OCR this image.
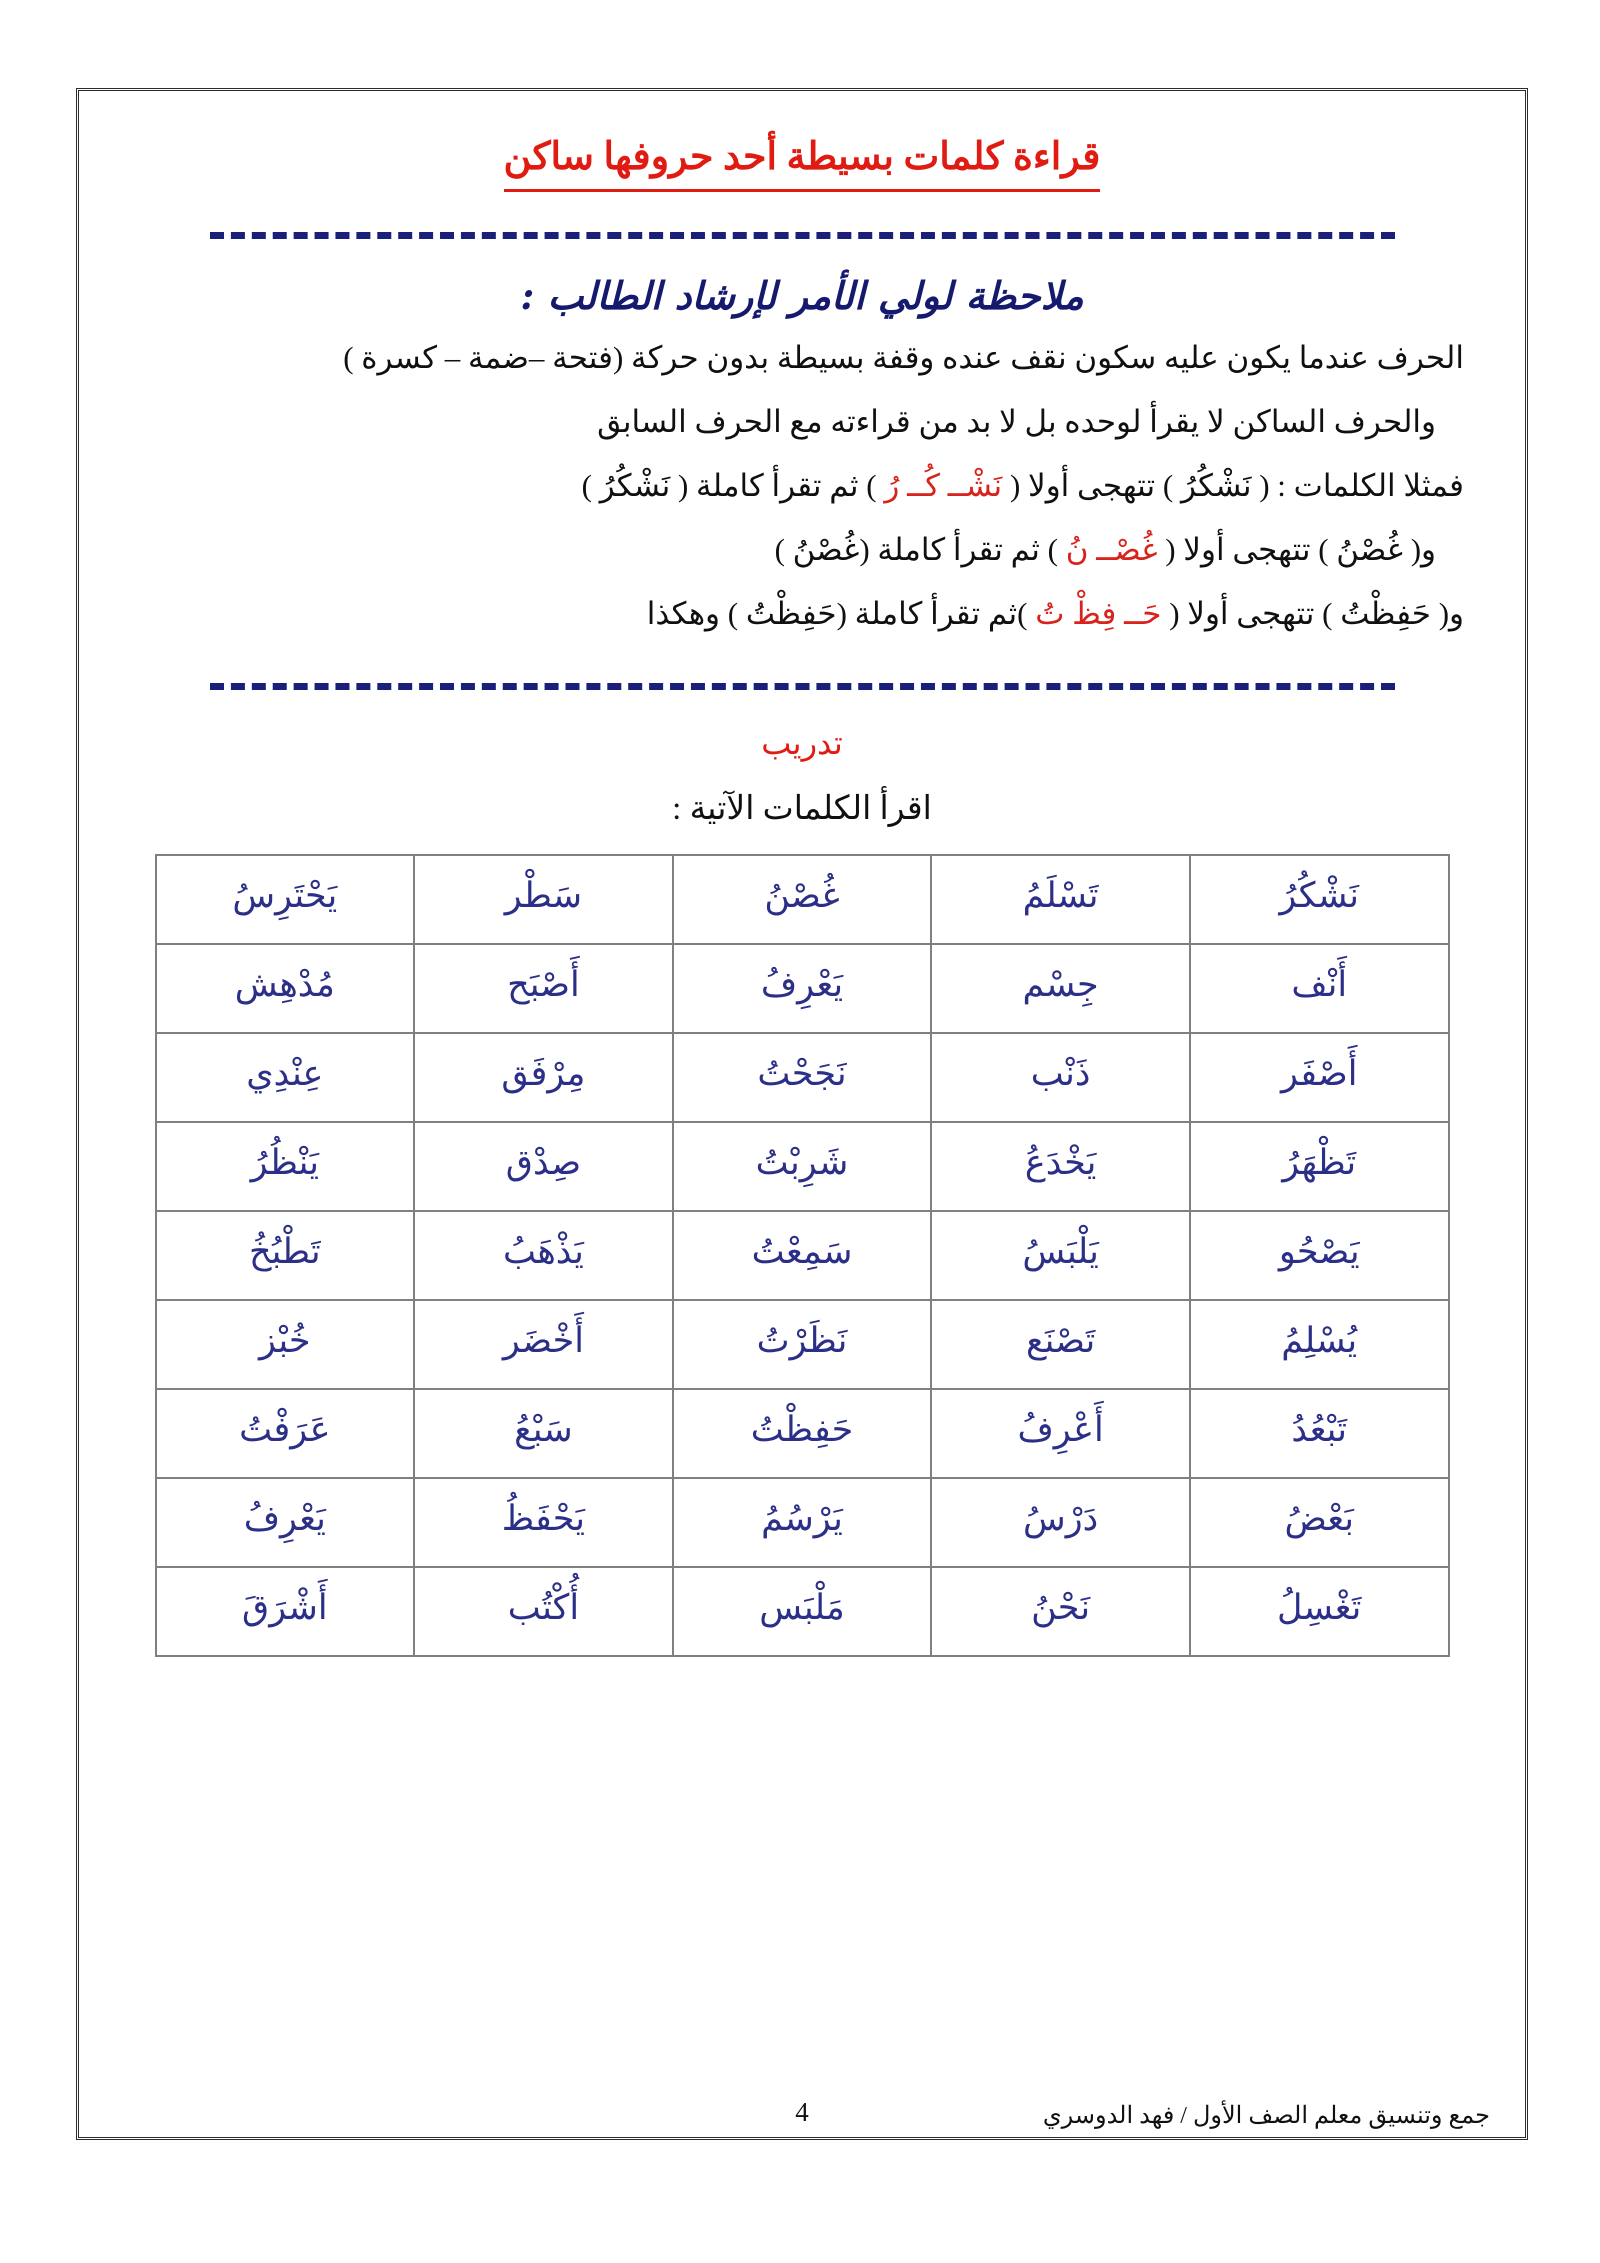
قراءة كلمات بسيطة أحد حروفها ساكن
ملاحظة لولي الأمر لإرشاد الطالب :

الحرف عندما يكون عليه سكون نقف عنده وقفة بسيطة بدون حركة (فتحة –ضمة – كسرة )

والحرف الساكن لا يقرأ لوحده بل لا بد من قراءته مع الحرف السابق

فمثلا الكلمات : ( نَشْكُرُ ) تتهجى أولا ( نَشْــ كُــ رُ ) ثم تقرأ كاملة ( نَشْكُرُ )

و( غُصْنُ ) تتهجى أولا ( غُصْــ نُ ) ثم تقرأ كاملة (غُصْنُ )

و( حَفِظْتُ ) تتهجى أولا ( حَــ فِظْ تُ )ثم تقرأ كاملة (حَفِظْتُ ) وهكذا

تدريب
اقرأ الكلمات الآتية :
نَشْكُرُ	تَسْلَمُ	غُصْنُ	سَطْر	يَحْتَرِسُ
أَنْف	جِسْم	يَعْرِفُ	أَصْبَح	مُدْهِش
أَصْفَر	ذَنْب	نَجَحْتُ	مِرْفَق	عِنْدِي
تَظْهَرُ	يَخْدَعُ	شَرِبْتُ	صِدْق	يَنْظُرُ
يَصْحُو	يَلْبَسُ	سَمِعْتُ	يَذْهَبُ	تَطْبُخُ
يُسْلِمُ	تَصْنَع	نَظَرْتُ	أَخْضَر	خُبْز
تَبْعُدُ	أَعْرِفُ	حَفِظْتُ	سَبْعُ	عَرَفْتُ
بَعْضُ	دَرْسُ	يَرْسُمُ	يَحْفَظُ	يَعْرِفُ
تَغْسِلُ	نَحْنُ	مَلْبَس	أُكْتُب	أَشْرَقَ
جمع وتنسيق معلم الصف الأول / فهد الدوسري
4
